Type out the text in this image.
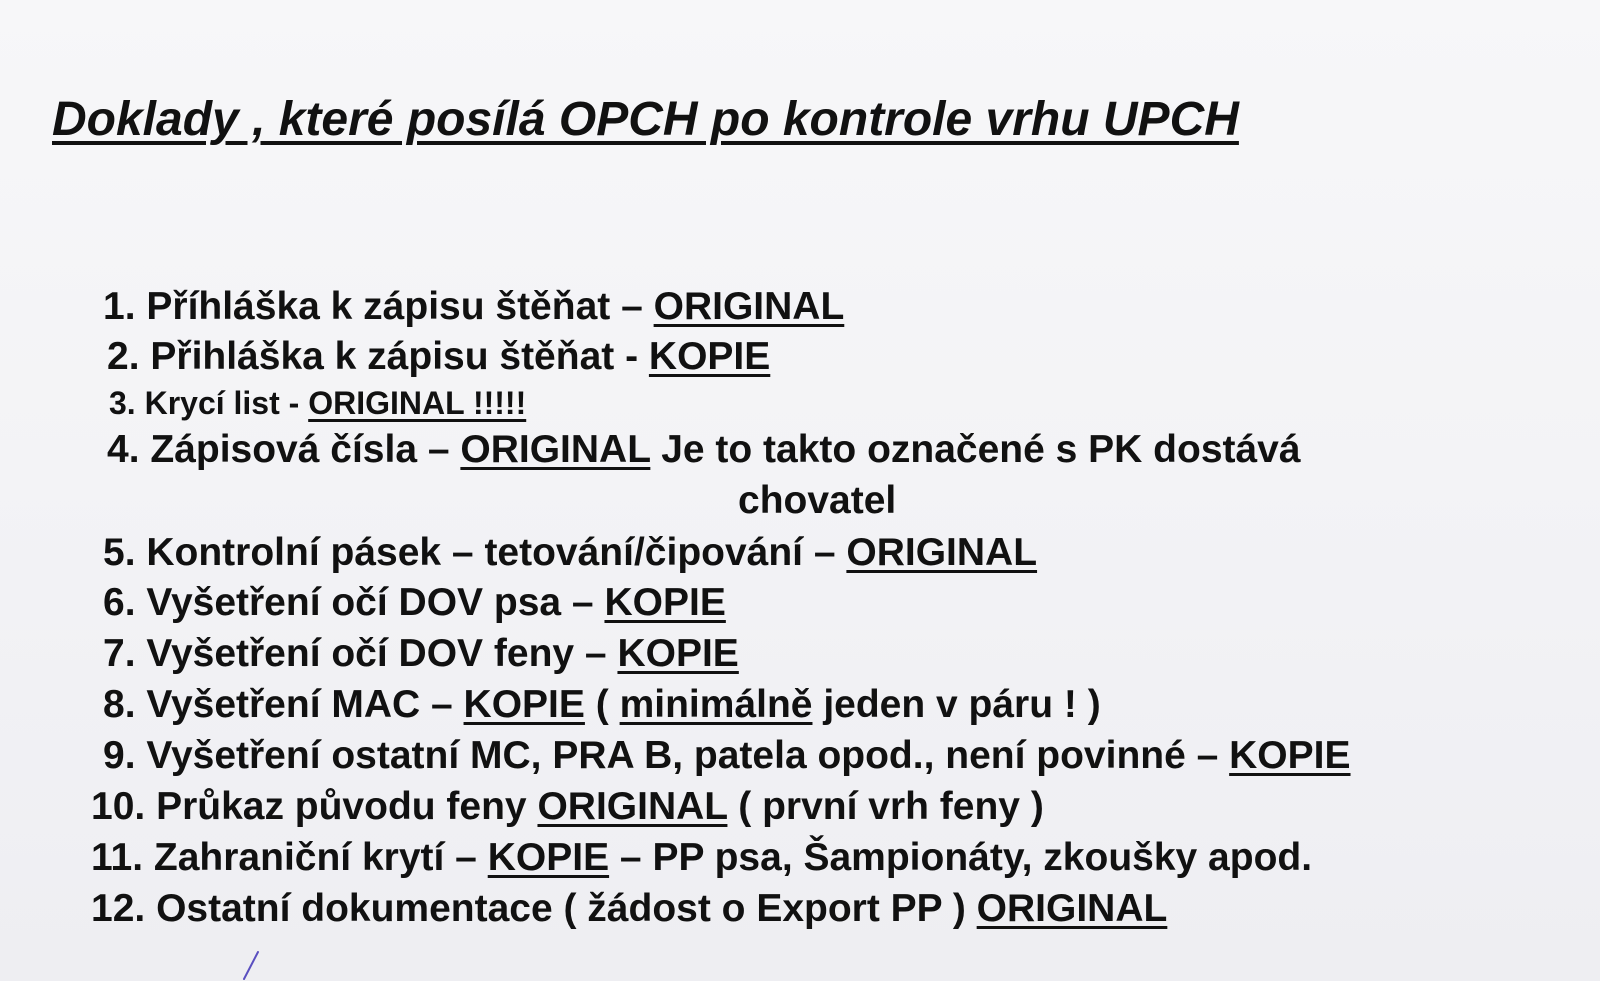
Doklady , které posílá OPCH po kontrole vrhu UPCH
1. Příhláška k zápisu štěňat – ORIGINAL
2. Přihláška k zápisu štěňat - KOPIE
3. Krycí list - ORIGINAL !!!!!
4. Zápisová čísla – ORIGINAL Je to takto označené s PK dostává
chovatel
5. Kontrolní pásek – tetování/čipování – ORIGINAL
6. Vyšetření očí DOV psa – KOPIE
7. Vyšetření očí DOV feny – KOPIE
8. Vyšetření MAC – KOPIE ( minimálně jeden v páru ! )
9. Vyšetření ostatní MC, PRA B, patela opod., není povinné – KOPIE
10. Průkaz původu feny ORIGINAL ( první vrh feny )
11. Zahraniční krytí – KOPIE – PP psa, Šampionáty, zkoušky apod.
12. Ostatní dokumentace ( žádost o Export PP ) ORIGINAL
